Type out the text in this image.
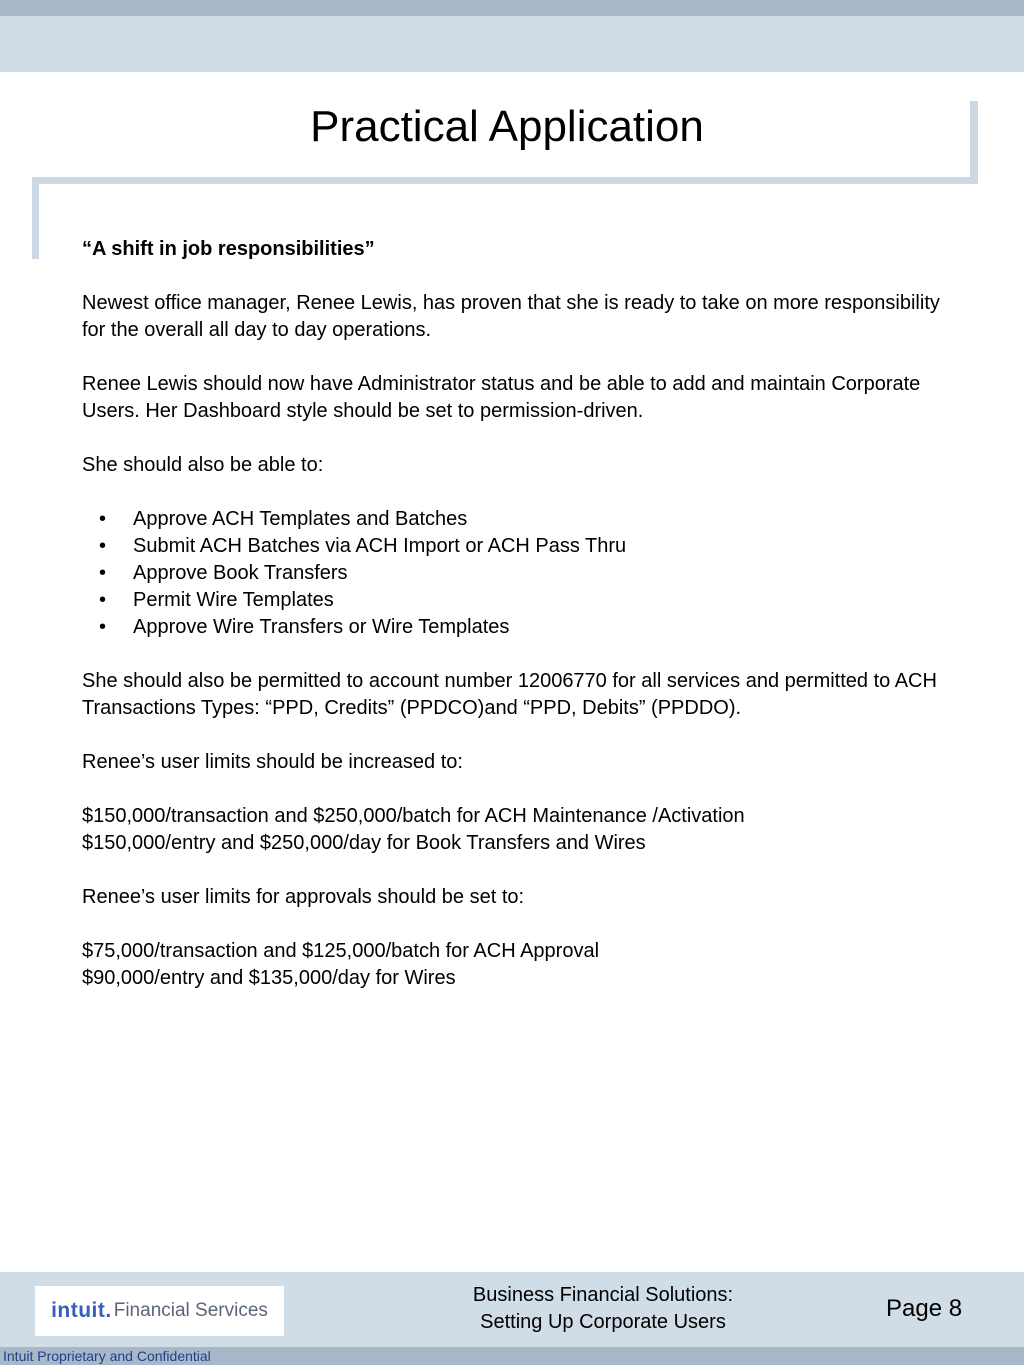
Practical Application

“A shift in job responsibilities”

Newest office manager, Renee Lewis, has proven that she is ready to take on more responsibility for the overall all day to day operations.

Renee Lewis should now have Administrator status and be able to add and maintain Corporate Users. Her Dashboard style should be set to permission-driven.

She should also be able to:

• Approve ACH Templates and Batches
• Submit ACH Batches via ACH Import or ACH Pass Thru
• Approve Book Transfers
• Permit Wire Templates
• Approve Wire Transfers or Wire Templates

She should also be permitted to account number 12006770 for all services and permitted to ACH Transactions Types: “PPD, Credits” (PPDCO)and “PPD, Debits” (PPDDO).

Renee’s user limits should be increased to:

$150,000/transaction and $250,000/batch for ACH Maintenance /Activation

$150,000/entry and $250,000/day for Book Transfers and Wires

Renee’s user limits for approvals should be set to:

$75,000/transaction and $125,000/batch for ACH Approval

$90,000/entry and $135,000/day for Wires

intuit. Financial Services
Business Financial Solutions:
Setting Up Corporate Users	Page 8
Intuit Proprietary and Confidential
